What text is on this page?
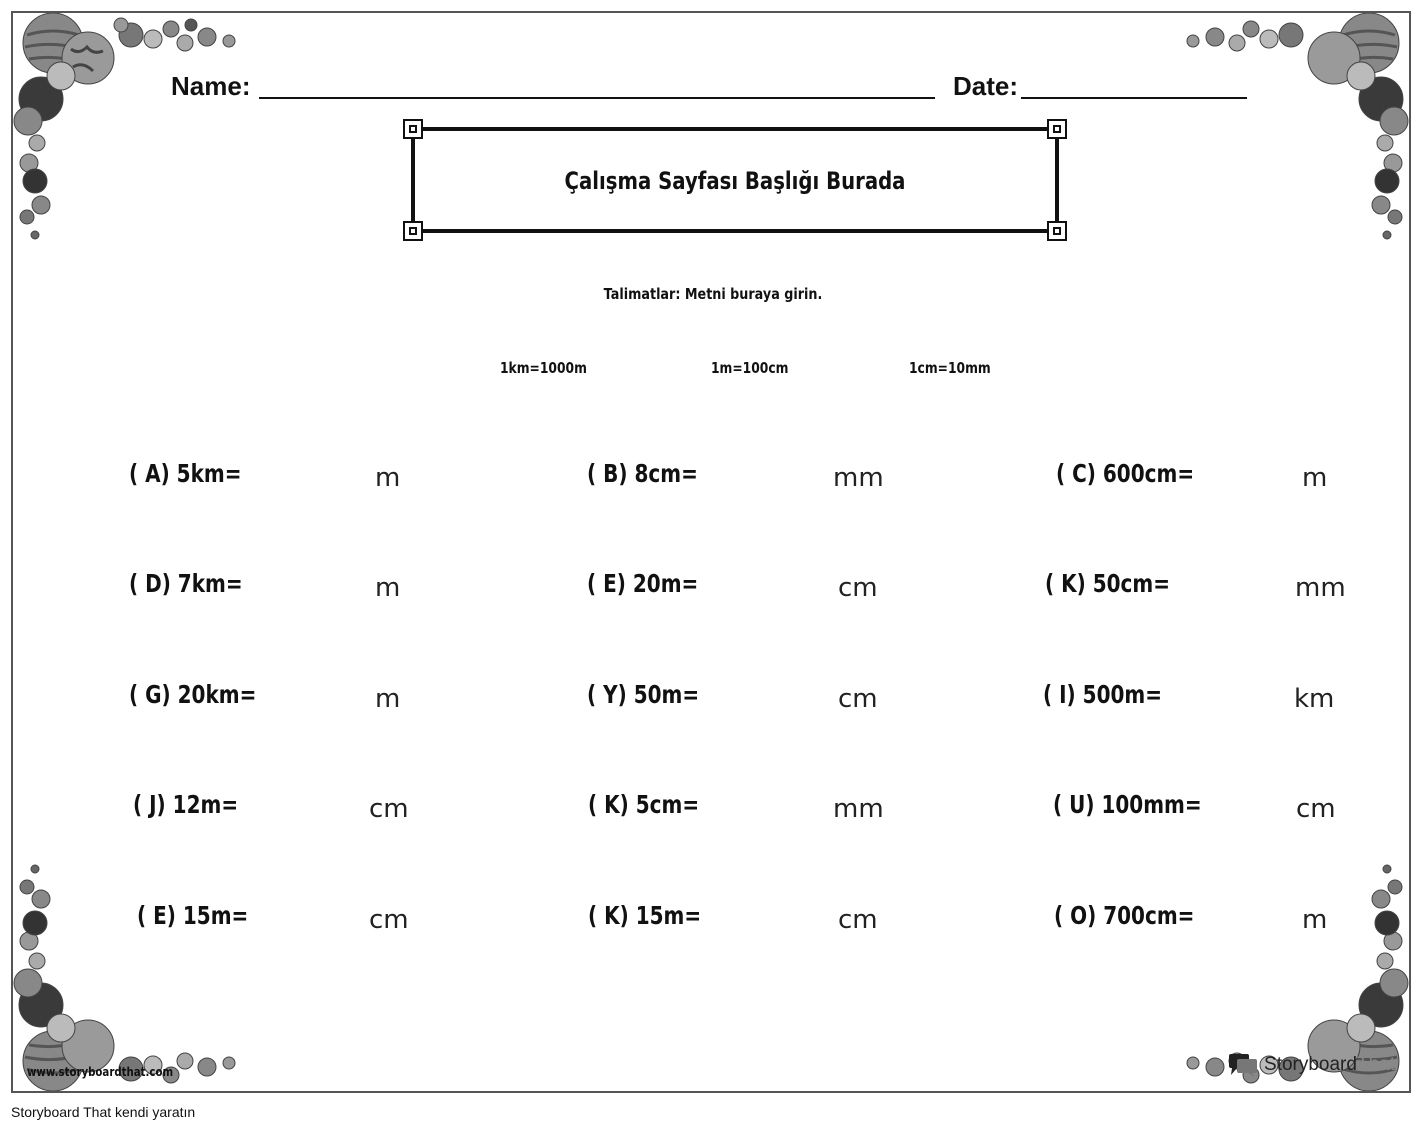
Name:	Date:
Çalışma Sayfası Başlığı Burada
Talimatlar: Metni buraya girin.
1km=1000m	1m=100cm	1cm=10mm
( A) 5km=	m	( B) 8cm=	mm	( C) 600cm=	m
( D) 7km=	m	( E) 20m=	cm	( K) 50cm=	mm
( G) 20km=	m	( Y) 50m=	cm	( I) 500m=	km
( J) 12m=	cm	( K) 5cm=	mm	( U) 100mm=	cm
( E) 15m=	cm	( K) 15m=	cm	( O) 700cm=	m
www.storyboardthat.com	Storyboard That
Storyboard That kendi yaratın
